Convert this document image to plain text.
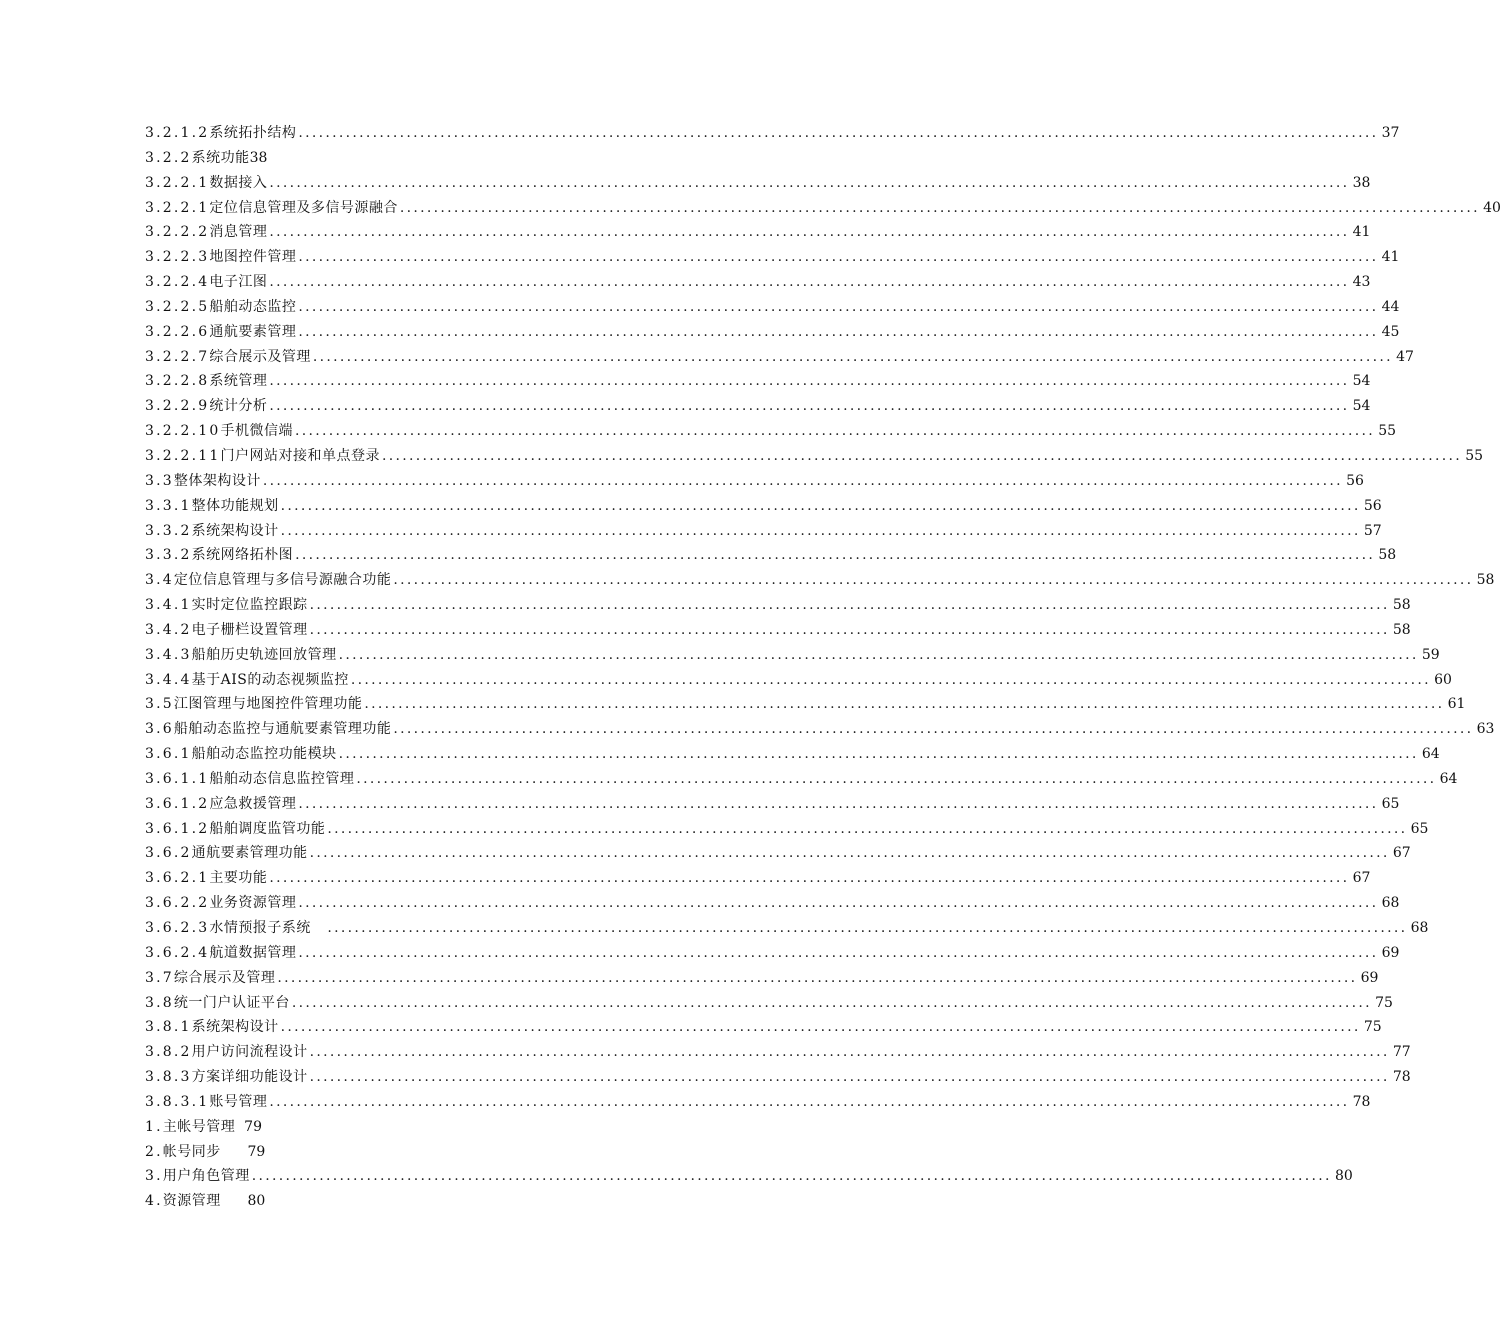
3.2.1.2 系统拓扑结构 ................................................................................................................................................................ 37
3.2.2 系统功能 38
3.2.2.1 数据接入 ................................................................................................................................................................ 38
3.2.2.1 定位信息管理及多信号源融合 ................................................................................................................................................................ 40
3.2.2.2 消息管理 ................................................................................................................................................................ 41
3.2.2.3 地图控件管理 ................................................................................................................................................................ 41
3.2.2.4 电子江图 ................................................................................................................................................................ 43
3.2.2.5 船舶动态监控 ................................................................................................................................................................ 44
3.2.2.6 通航要素管理 ................................................................................................................................................................ 45
3.2.2.7 综合展示及管理 ................................................................................................................................................................ 47
3.2.2.8 系统管理 ................................................................................................................................................................ 54
3.2.2.9 统计分析 ................................................................................................................................................................ 54
3.2.2.10 手机微信端 ................................................................................................................................................................ 55
3.2.2.11 门户网站对接和单点登录 ................................................................................................................................................................ 55
3.3 整体架构设计 ................................................................................................................................................................ 56
3.3.1 整体功能规划 ................................................................................................................................................................ 56
3.3.2 系统架构设计 ................................................................................................................................................................ 57
3.3.2 系统网络拓朴图 ................................................................................................................................................................ 58
3.4 定位信息管理与多信号源融合功能 ................................................................................................................................................................ 58
3.4.1 实时定位监控跟踪 ................................................................................................................................................................ 58
3.4.2 电子栅栏设置管理 ................................................................................................................................................................ 58
3.4.3 船舶历史轨迹回放管理 ................................................................................................................................................................ 59
3.4.4 基于AIS的动态视频监控 ................................................................................................................................................................ 60
3.5 江图管理与地图控件管理功能 ................................................................................................................................................................ 61
3.6 船舶动态监控与通航要素管理功能 ................................................................................................................................................................ 63
3.6.1 船舶动态监控功能模块 ................................................................................................................................................................ 64
3.6.1.1 船舶动态信息监控管理 ................................................................................................................................................................ 64
3.6.1.2 应急救援管理 ................................................................................................................................................................ 65
3.6.1.2 船舶调度监管功能 ................................................................................................................................................................ 65
3.6.2 通航要素管理功能 ................................................................................................................................................................ 67
3.6.2.1 主要功能 ................................................................................................................................................................ 67
3.6.2.2 业务资源管理 ................................................................................................................................................................ 68
3.6.2.3 水情预报子系统　 ................................................................................................................................................................ 68
3.6.2.4 航道数据管理 ................................................................................................................................................................ 69
3.7 综合展示及管理 ................................................................................................................................................................ 69
3.8 统一门户认证平台 ................................................................................................................................................................ 75
3.8.1 系统架构设计 ................................................................................................................................................................ 75
3.8.2 用户访问流程设计 ................................................................................................................................................................ 77
3.8.3 方案详细功能设计 ................................................................................................................................................................ 78
3.8.3.1 账号管理 ................................................................................................................................................................ 78
1. 主帐号管理
79
2. 帐号同步
79
3. 用户角色管理 ................................................................................................................................................................ 80
4. 资源管理
80
